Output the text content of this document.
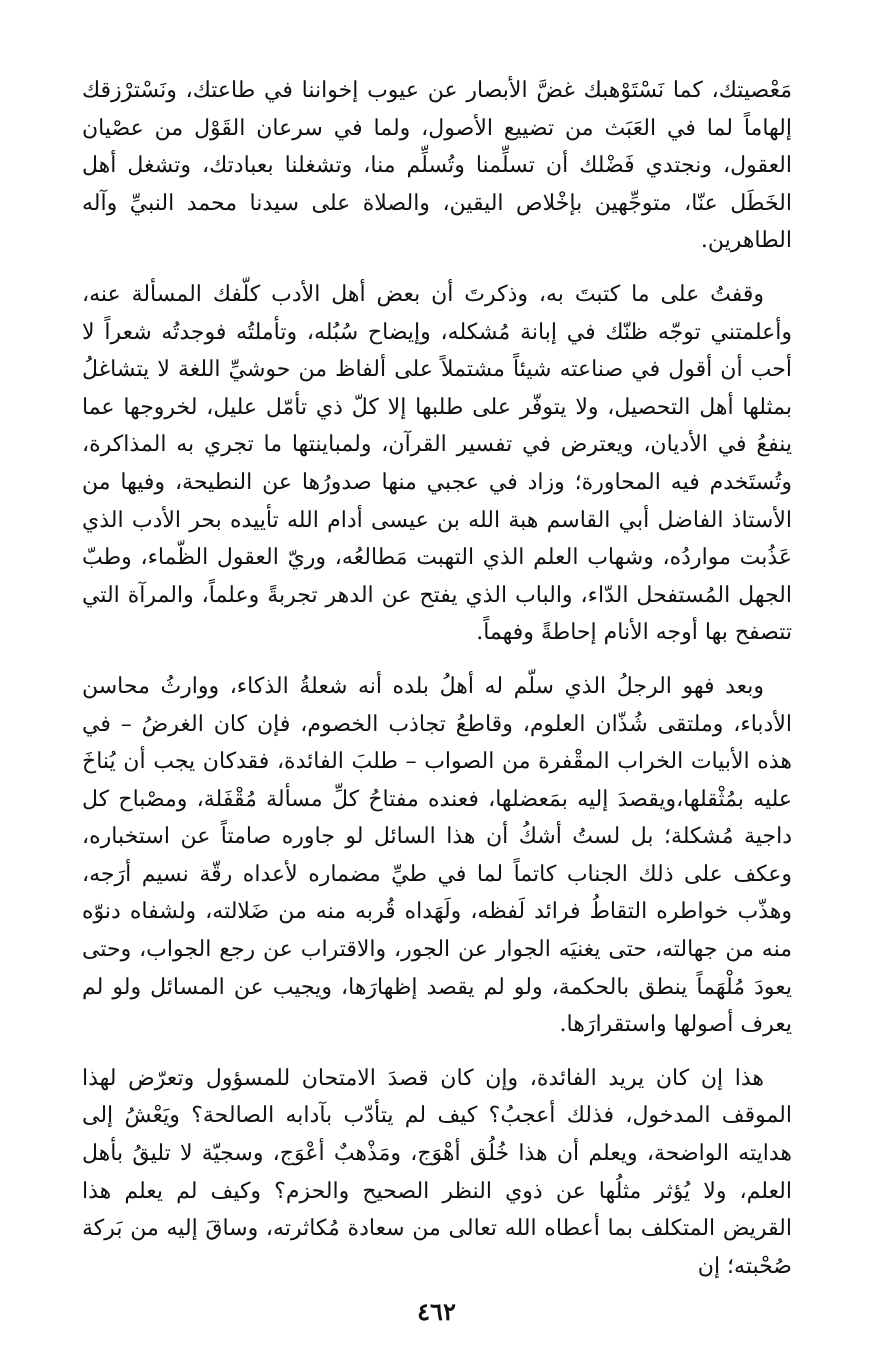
مَعْصيتك، كما نَسْتَوْهبك غضَّ الأبصار عن عيوب إخواننا في طاعتك، ونَسْترْزقك إلهاماً لما في العَبَث من تضييع الأصول، ولما في سرعان القَوْل من عصْيان العقول، ونجتدي فَضْلك أن تسلِّمنا وتُسلِّم منا، وتشغلنا بعبادتك، وتشغل أهل الخَطَل عنّا، متوجِّهين بإخْلاص اليقين، والصلاة على سيدنا محمد النبيِّ وآله الطاهرين.

وقفتُ على ما كتبتَ به، وذكرتَ أن بعض أهل الأدب كلّفك المسألة عنه، وأعلمتني توجّه ظنّك في إبانة مُشكله، وإيضاح سُبُله، وتأملتُه فوجدتُه شعراً لا أحب أن أقول في صناعته شيئاً مشتملاً على ألفاظ من حوشيِّ اللغة لا يتشاغلُ بمثلها أهل التحصيل، ولا يتوفّر على طلبها إلا كلّ ذي تأمّل عليل، لخروجها عما ينفعُ في الأديان، ويعترض في تفسير القرآن، ولمباينتها ما تجري به المذاكرة، وتُستَخدم فيه المحاورة؛ وزاد في عجبي منها صدورُها عن النطيحة، وفيها من الأستاذ الفاضل أبي القاسم هبة الله بن عيسى أدام الله تأييده بحر الأدب الذي عَذُبت مواردُه، وشهاب العلم الذي التهبت مَطالعُه، وريّ العقول الظّماء، وطبّ الجهل المُستفحل الدّاء، والباب الذي يفتح عن الدهر تجربةً وعلماً، والمرآة التي تتصفح بها أوجه الأنام إحاطةً وفهماً.

وبعد فهو الرجلُ الذي سلّم له أهلُ بلده أنه شعلةُ الذكاء، ووارثُ محاسن الأدباء، وملتقى شُذّان العلوم، وقاطعُ تجاذب الخصوم، فإن كان الغرضُ – في هذه الأبيات الخراب المقْفرة من الصواب – طلبَ الفائدة، فقدكان يجب أن يُناخَ عليه بمُثْقلها،ويقصدَ إليه بمَعضلها، فعنده مفتاحُ كلِّ مسألة مُقْفَلة، ومصْباح كل داجية مُشكلة؛ بل لستُ أشكُ أن هذا السائل لو جاوره صامتاً عن استخباره، وعكف على ذلك الجناب كاتماً لما في طيِّ مضماره لأعداه رقّة نسيم أرَجه، وهذّب خواطره التقاطُ فرائد لَفظه، ولَهَداه قُربه منه من ضَلالته، ولشفاه دنوّه منه من جهالته، حتى يغنيَه الجوار عن الجور، والاقتراب عن رجع الجواب، وحتى يعودَ مُلْهَماً ينطق بالحكمة، ولو لم يقصد إظهارَها، ويجيب عن المسائل ولو لم يعرف أصولها واستقرارَها.

هذا إن كان يريد الفائدة، وإن كان قصدَ الامتحان للمسؤول وتعرّض لهذا الموقف المدخول، فذلك أعجبُ؟ كيف لم يتأدّب بآدابه الصالحة؟ ويَعْشُ إلى هدايته الواضحة، ويعلم أن هذا خُلُق أهْوَج، ومَذْهبٌ أعْوَج، وسجيّة لا تليقُ بأهل العلم، ولا يُؤثر مثلُها عن ذوي النظر الصحيح والحزم؟ وكيف لم يعلم هذا القريض المتكلف بما أعطاه الله تعالى من سعادة مُكاثرته، وساقَ إليه من بَركة صُحْبته؛ إن

٤٦٢
